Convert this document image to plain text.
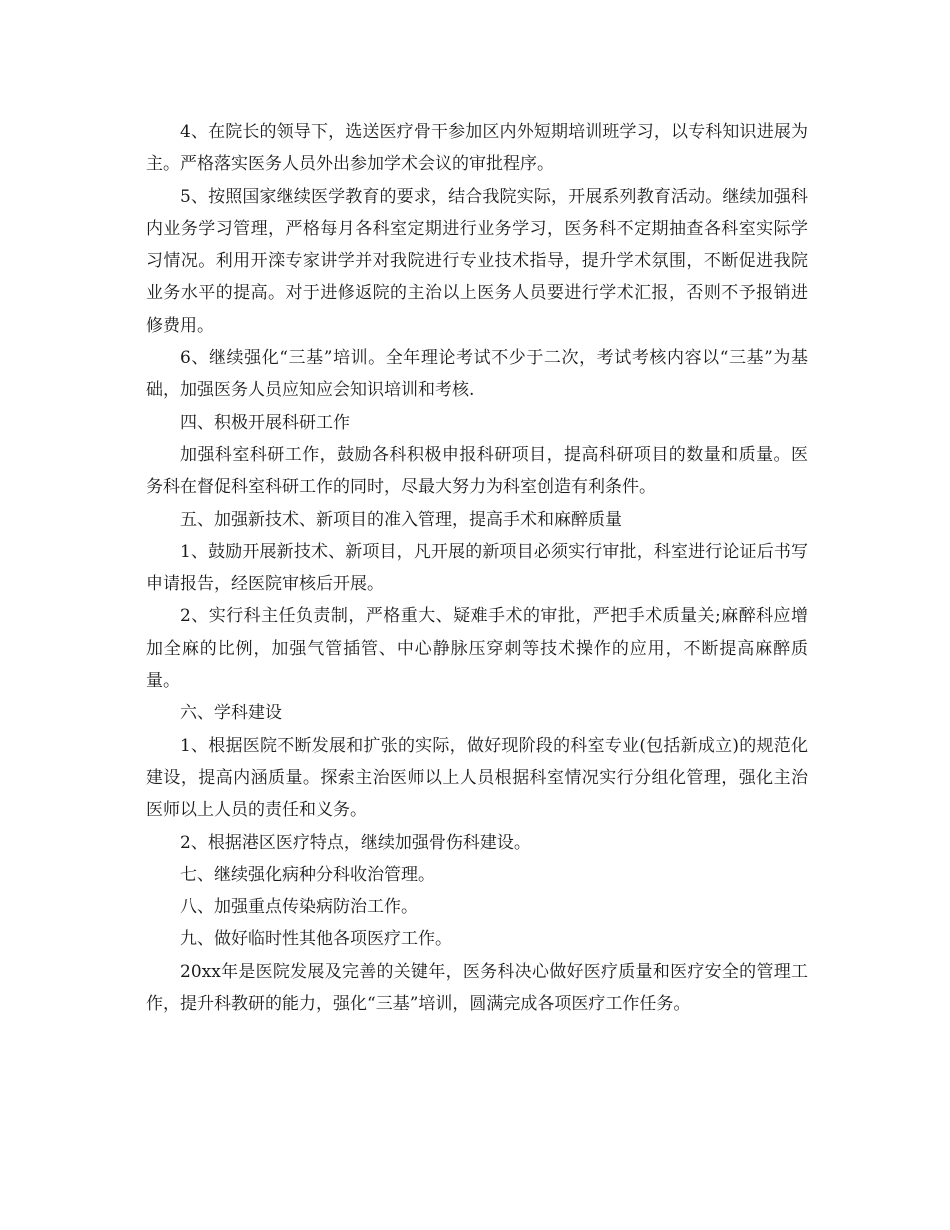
4、在院长的领导下，选送医疗骨干参加区内外短期培训班学习，以专科知识进展为主。严格落实医务人员外出参加学术会议的审批程序。

5、按照国家继续医学教育的要求，结合我院实际，开展系列教育活动。继续加强科内业务学习管理，严格每月各科室定期进行业务学习，医务科不定期抽查各科室实际学习情况。利用开滦专家讲学并对我院进行专业技术指导，提升学术氛围，不断促进我院业务水平的提高。对于进修返院的主治以上医务人员要进行学术汇报，否则不予报销进修费用。

6、继续强化“三基”培训。全年理论考试不少于二次，考试考核内容以“三基”为基础，加强医务人员应知应会知识培训和考核.

四、积极开展科研工作

加强科室科研工作，鼓励各科积极申报科研项目，提高科研项目的数量和质量。医务科在督促科室科研工作的同时，尽最大努力为科室创造有利条件。

五、加强新技术、新项目的准入管理，提高手术和麻醉质量

1、鼓励开展新技术、新项目，凡开展的新项目必须实行审批，科室进行论证后书写申请报告，经医院审核后开展。

2、实行科主任负责制，严格重大、疑难手术的审批，严把手术质量关;麻醉科应增加全麻的比例，加强气管插管、中心静脉压穿刺等技术操作的应用，不断提高麻醉质量。

六、学科建设

1、根据医院不断发展和扩张的实际，做好现阶段的科室专业(包括新成立)的规范化建设，提高内涵质量。探索主治医师以上人员根据科室情况实行分组化管理，强化主治医师以上人员的责任和义务。

2、根据港区医疗特点，继续加强骨伤科建设。

七、继续强化病种分科收治管理。

八、加强重点传染病防治工作。

九、做好临时性其他各项医疗工作。

20xx年是医院发展及完善的关键年，医务科决心做好医疗质量和医疗安全的管理工作，提升科教研的能力，强化“三基”培训，圆满完成各项医疗工作任务。
